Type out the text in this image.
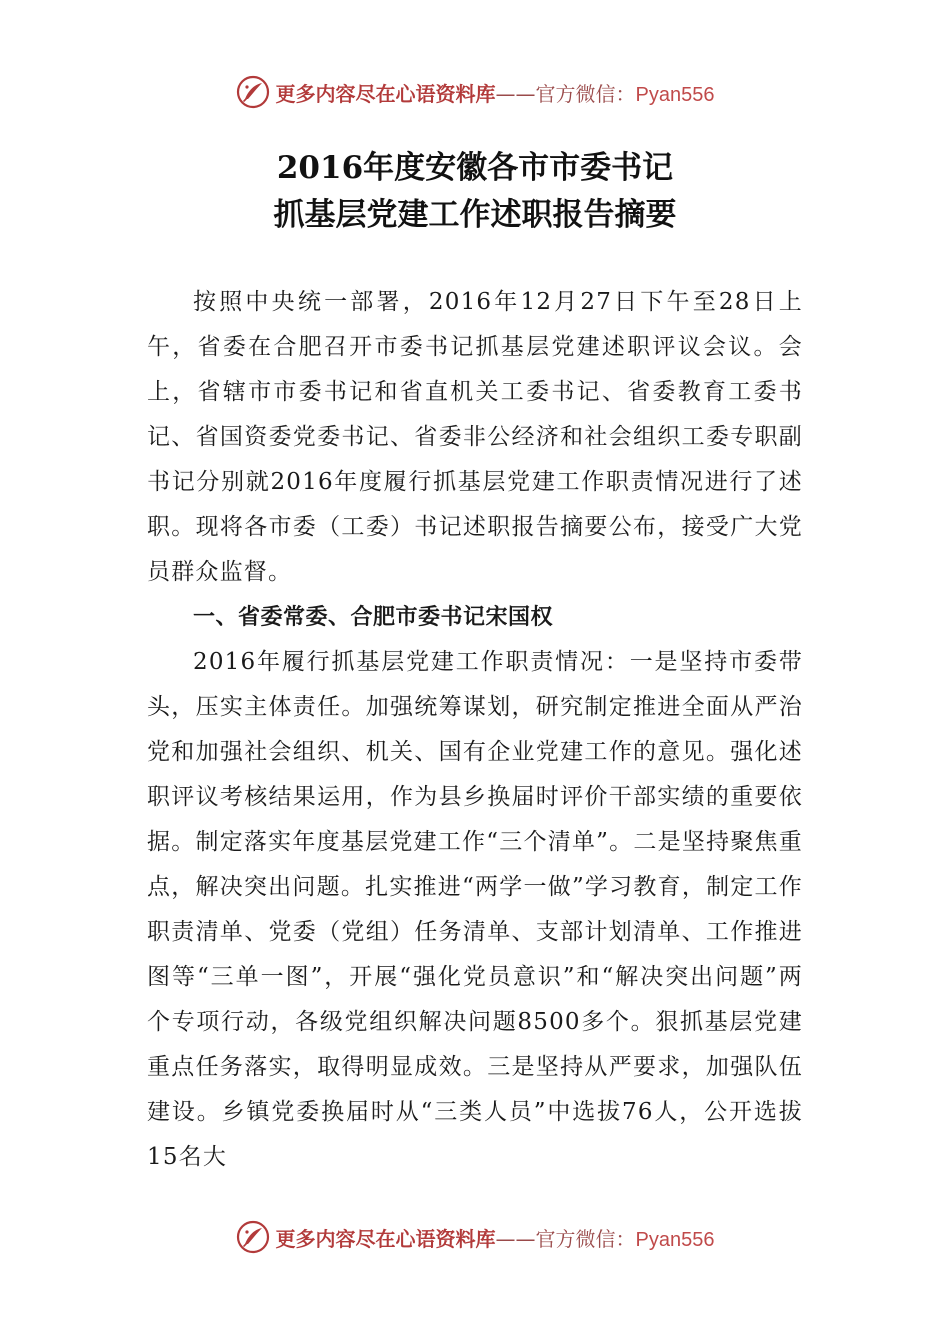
更多内容尽在心语资料库——官方微信：Pyan556
2016年度安徽各市市委书记
抓基层党建工作述职报告摘要

按照中央统一部署，2016年12月27日下午至28日上午，省委在合肥召开市委书记抓基层党建述职评议会议。会上，省辖市市委书记和省直机关工委书记、省委教育工委书记、省国资委党委书记、省委非公经济和社会组织工委专职副书记分别就2016年度履行抓基层党建工作职责情况进行了述职。现将各市委（工委）书记述职报告摘要公布，接受广大党员群众监督。

一、省委常委、合肥市委书记宋国权

2016年履行抓基层党建工作职责情况：一是坚持市委带头，压实主体责任。加强统筹谋划，研究制定推进全面从严治党和加强社会组织、机关、国有企业党建工作的意见。强化述职评议考核结果运用，作为县乡换届时评价干部实绩的重要依据。制定落实年度基层党建工作“三个清单”。二是坚持聚焦重点，解决突出问题。扎实推进“两学一做”学习教育，制定工作职责清单、党委（党组）任务清单、支部计划清单、工作推进图等“三单一图”，开展“强化党员意识”和“解决突出问题”两个专项行动，各级党组织解决问题8500多个。狠抓基层党建重点任务落实，取得明显成效。三是坚持从严要求，加强队伍建设。乡镇党委换届时从“三类人员”中选拔76人，公开选拔15名大

更多内容尽在心语资料库——官方微信：Pyan556
